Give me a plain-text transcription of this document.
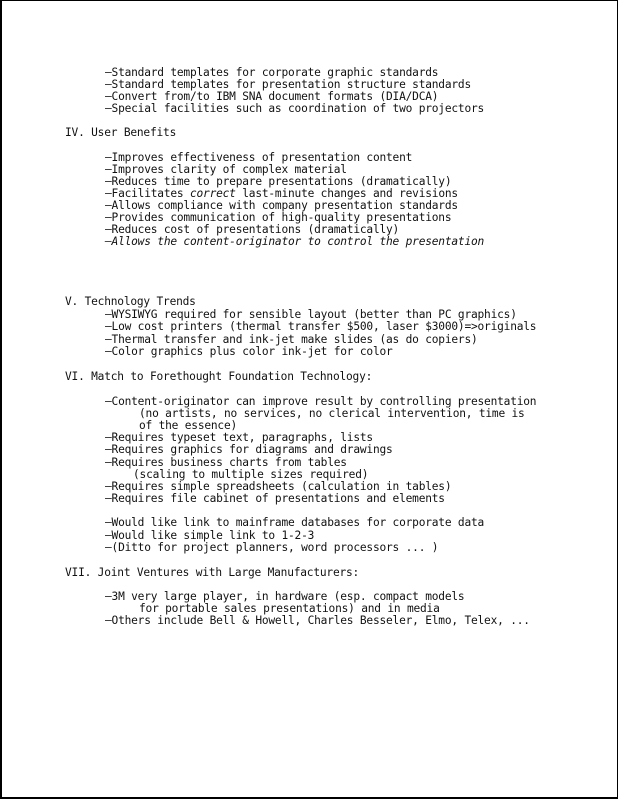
—Standard templates for corporate graphic standards
—Standard templates for presentation structure standards
—Convert from/to IBM SNA document formats (DIA/DCA)
—Special facilities such as coordination of two projectors
IV. User Benefits
—Improves effectiveness of presentation content
—Improves clarity of complex material
—Reduces time to prepare presentations (dramatically)
—Facilitates correct last-minute changes and revisions
—Allows compliance with company presentation standards
—Provides communication of high-quality presentations
—Reduces cost of presentations (dramatically)
—Allows the content-originator to control the presentation
V. Technology Trends
—WYSIWYG required for sensible layout (better than PC graphics)
—Low cost printers (thermal transfer $500, laser $3000)=>originals
—Thermal transfer and ink-jet make slides (as do copiers)
—Color graphics plus color ink-jet for color
VI. Match to Forethought Foundation Technology:
—Content-originator can improve result by controlling presentation
(no artists, no services, no clerical intervention, time is
of the essence)
—Requires typeset text, paragraphs, lists
—Requires graphics for diagrams and drawings
—Requires business charts from tables
(scaling to multiple sizes required)
—Requires simple spreadsheets (calculation in tables)
—Requires file cabinet of presentations and elements
—Would like link to mainframe databases for corporate data
—Would like simple link to 1-2-3
—(Ditto for project planners, word processors ... )
VII. Joint Ventures with Large Manufacturers:
—3M very large player, in hardware (esp. compact models
for portable sales presentations) and in media
—Others include Bell & Howell, Charles Besseler, Elmo, Telex, ...
